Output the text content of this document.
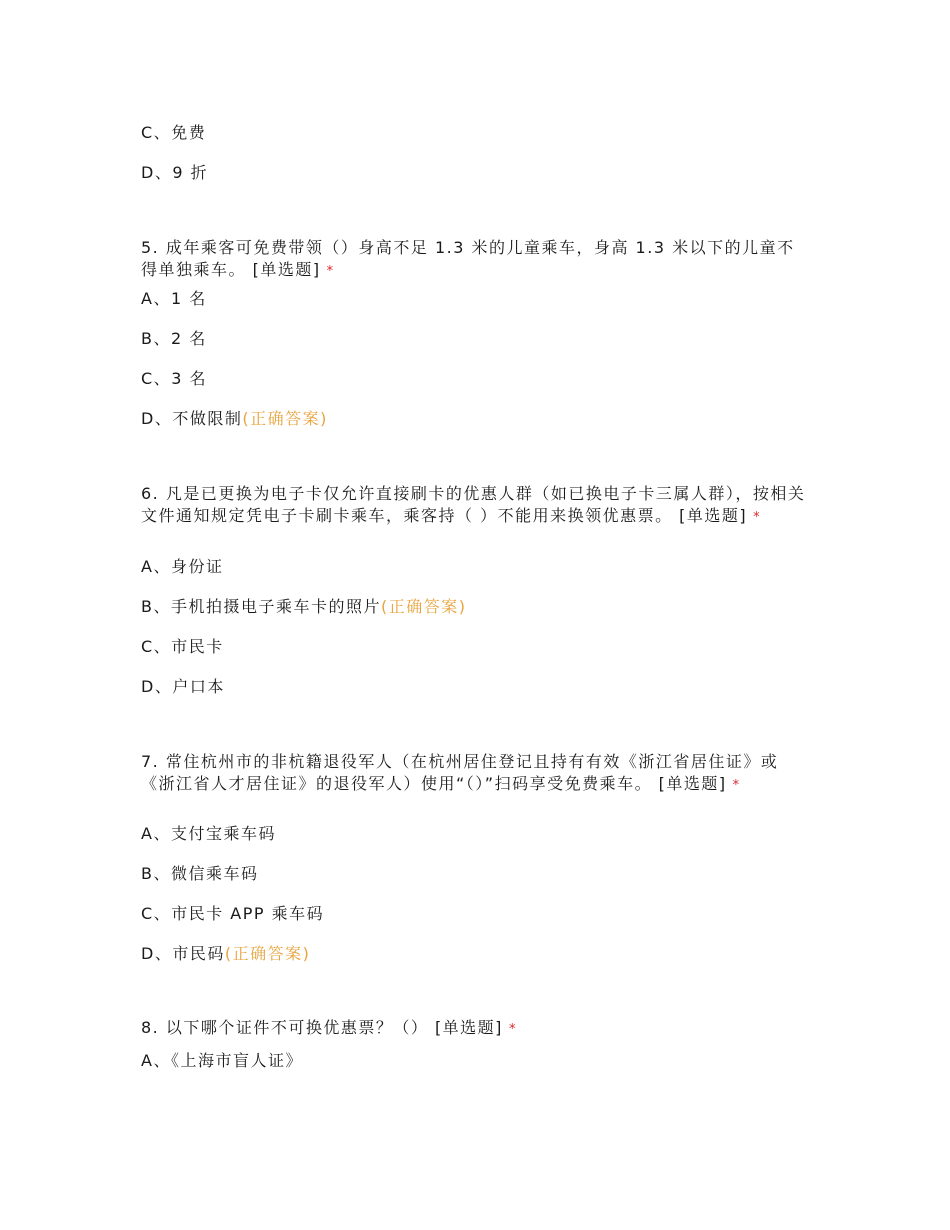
C、免费
D、9 折
5. 成年乘客可免费带领（）身高不足 1.3 米的儿童乘车，身高 1.3 米以下的儿童不得单独乘车。 [单选题] *
A、1 名
B、2 名
C、3 名
D、不做限制(正确答案)
6. 凡是已更换为电子卡仅允许直接刷卡的优惠人群（如已换电子卡三属人群），按相关文件通知规定凭电子卡刷卡乘车，乘客持（ ）不能用来换领优惠票。 [单选题] *
A、身份证
B、手机拍摄电子乘车卡的照片(正确答案)
C、市民卡
D、户口本
7. 常住杭州市的非杭籍退役军人（在杭州居住登记且持有有效《浙江省居住证》或《浙江省人才居住证》的退役军人）使用“（）”扫码享受免费乘车。 [单选题] *
A、支付宝乘车码
B、微信乘车码
C、市民卡 APP 乘车码
D、市民码(正确答案)
8. 以下哪个证件不可换优惠票？（） [单选题] *
A、《上海市盲人证》
